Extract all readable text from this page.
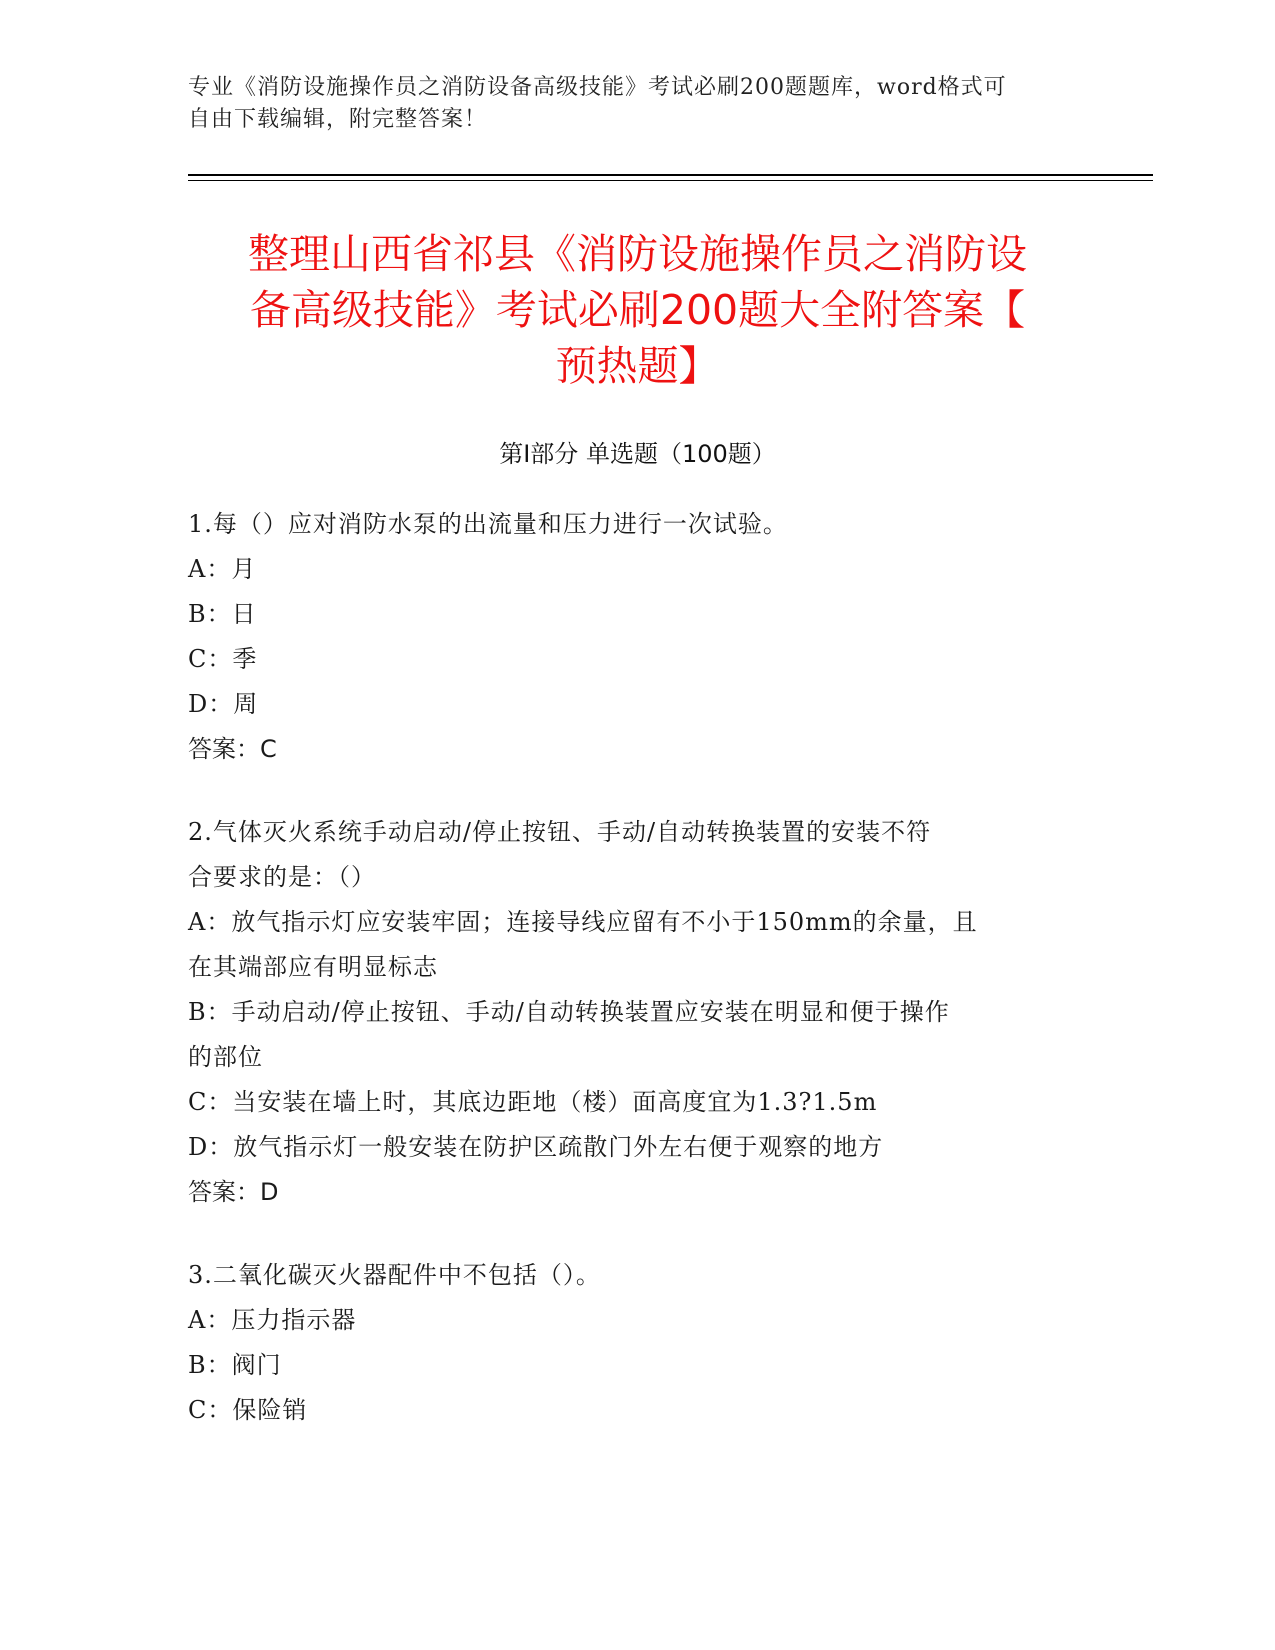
专业《消防设施操作员之消防设备高级技能》考试必刷200题题库，word格式可
自由下载编辑，附完整答案！
整理山西省祁县《消防设施操作员之消防设
备高级技能》考试必刷200题大全附答案【
预热题】
第I部分 单选题（100题）
1.每（）应对消防水泵的出流量和压力进行一次试验。
A：月
B：日
C：季
D：周
答案：C
2.气体灭火系统手动启动/停止按钮、手动/自动转换装置的安装不符
合要求的是：（）
A：放气指示灯应安装牢固；连接导线应留有不小于150mm的余量，且
在其端部应有明显标志
B：手动启动/停止按钮、手动/自动转换装置应安装在明显和便于操作
的部位
C：当安装在墙上时，其底边距地（楼）面高度宜为1.3?1.5m
D：放气指示灯一般安装在防护区疏散门外左右便于观察的地方
答案：D
3.二氧化碳灭火器配件中不包括（）。
A：压力指示器
B：阀门
C：保险销
